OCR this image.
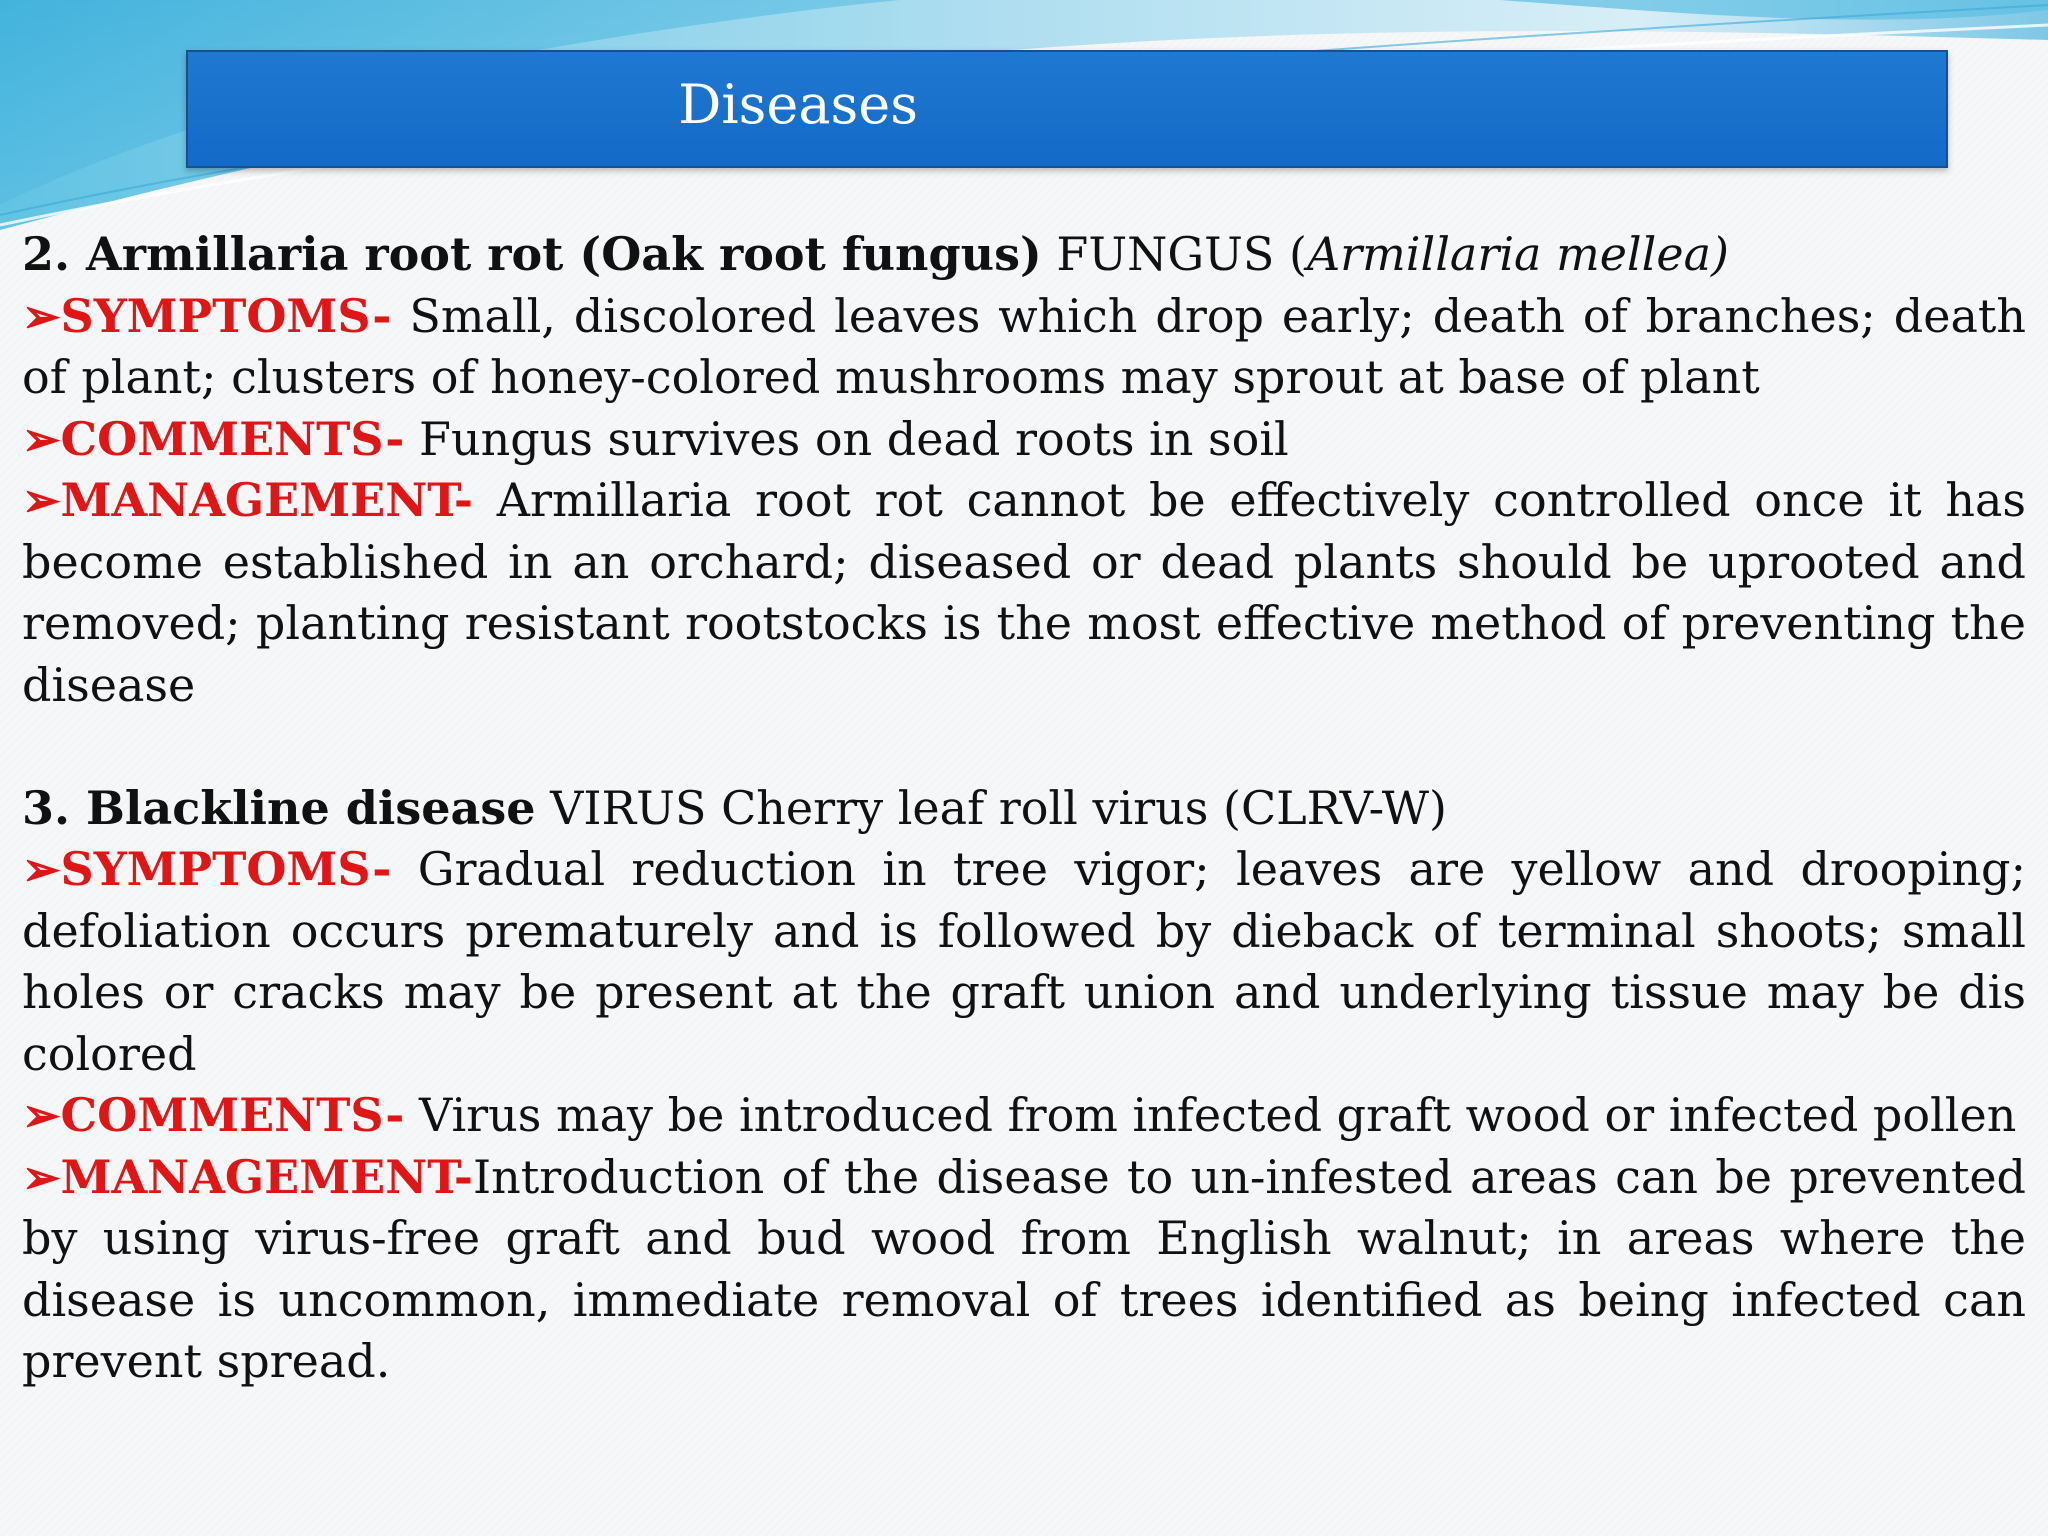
Diseases

2. Armillaria root rot (Oak root fungus) FUNGUS (Armillaria mellea)

➢SYMPTOMS- Small, discolored leaves which drop early; death of branches; death of plant; clusters of honey-colored mushrooms may sprout at base of plant

➢COMMENTS- Fungus survives on dead roots in soil

➢MANAGEMENT- Armillaria root rot cannot be effectively controlled once it has become established in an orchard; diseased or dead plants should be uprooted and removed; planting resistant rootstocks is the most effective method of preventing the disease

3. Blackline disease VIRUS Cherry leaf roll virus (CLRV-W)

➢SYMPTOMS- Gradual reduction in tree vigor; leaves are yellow and drooping; defoliation occurs prematurely and is followed by dieback of terminal shoots; small holes or cracks may be present at the graft union and underlying tissue may be dis colored

➢COMMENTS- Virus may be introduced from infected graft wood or infected pollen

➢MANAGEMENT-Introduction of the disease to un-infested areas can be prevented by using virus-free graft and bud wood from English walnut; in areas where the disease is uncommon, immediate removal of trees identified as being infected can prevent spread.
